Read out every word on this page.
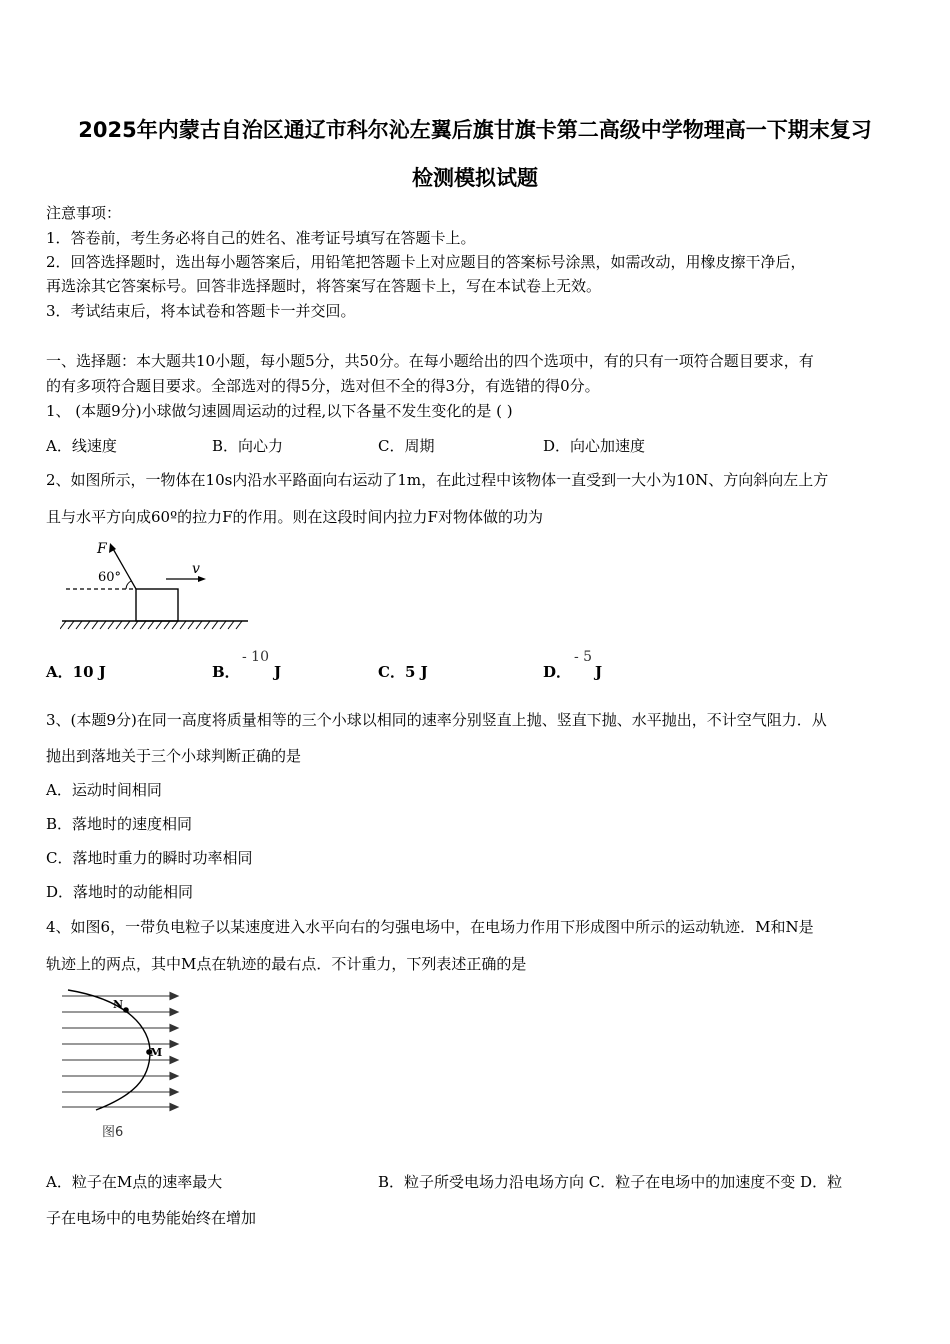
2025年内蒙古自治区通辽市科尔沁左翼后旗甘旗卡第二高级中学物理高一下期末复习
检测模拟试题
注意事项：
1．答卷前，考生务必将自己的姓名、准考证号填写在答题卡上。
2．回答选择题时，选出每小题答案后，用铅笔把答题卡上对应题目的答案标号涂黑，如需改动，用橡皮擦干净后，
再选涂其它答案标号。回答非选择题时，将答案写在答题卡上，写在本试卷上无效。
3．考试结束后，将本试卷和答题卡一并交回。
一、选择题：本大题共10小题，每小题5分，共50分。在每小题给出的四个选项中，有的只有一项符合题目要求，有
的有多项符合题目要求。全部选对的得5分，选对但不全的得3分，有选错的得0分。
1、 (本题9分)小球做匀速圆周运动的过程,以下各量不发生变化的是 ( )
A．线速度	B．向心力	C．周期	D．向心加速度
2、如图所示，一物体在10s内沿水平路面向右运动了1m，在此过程中该物体一直受到一大小为10N、方向斜向左上方
且与水平方向成60º的拉力F的作用。则在这段时间内拉力F对物体做的功为
F
60°
v
A．10 J	B．
- 10
J	C．5 J	D．
- 5
J
3、(本题9分)在同一高度将质量相等的三个小球以相同的速率分别竖直上抛、竖直下抛、水平抛出，不计空气阻力．从
抛出到落地关于三个小球判断正确的是
A．运动时间相同
B．落地时的速度相同
C．落地时重力的瞬时功率相同
D．落地时的动能相同
4、如图6，一带负电粒子以某速度进入水平向右的匀强电场中，在电场力作用下形成图中所示的运动轨迹．M和N是
轨迹上的两点，其中M点在轨迹的最右点．不计重力，下列表述正确的是
N
M
图6
A．粒子在M点的速率最大	B．粒子所受电场力沿电场方向 C．粒子在电场中的加速度不变 D．粒
子在电场中的电势能始终在增加
